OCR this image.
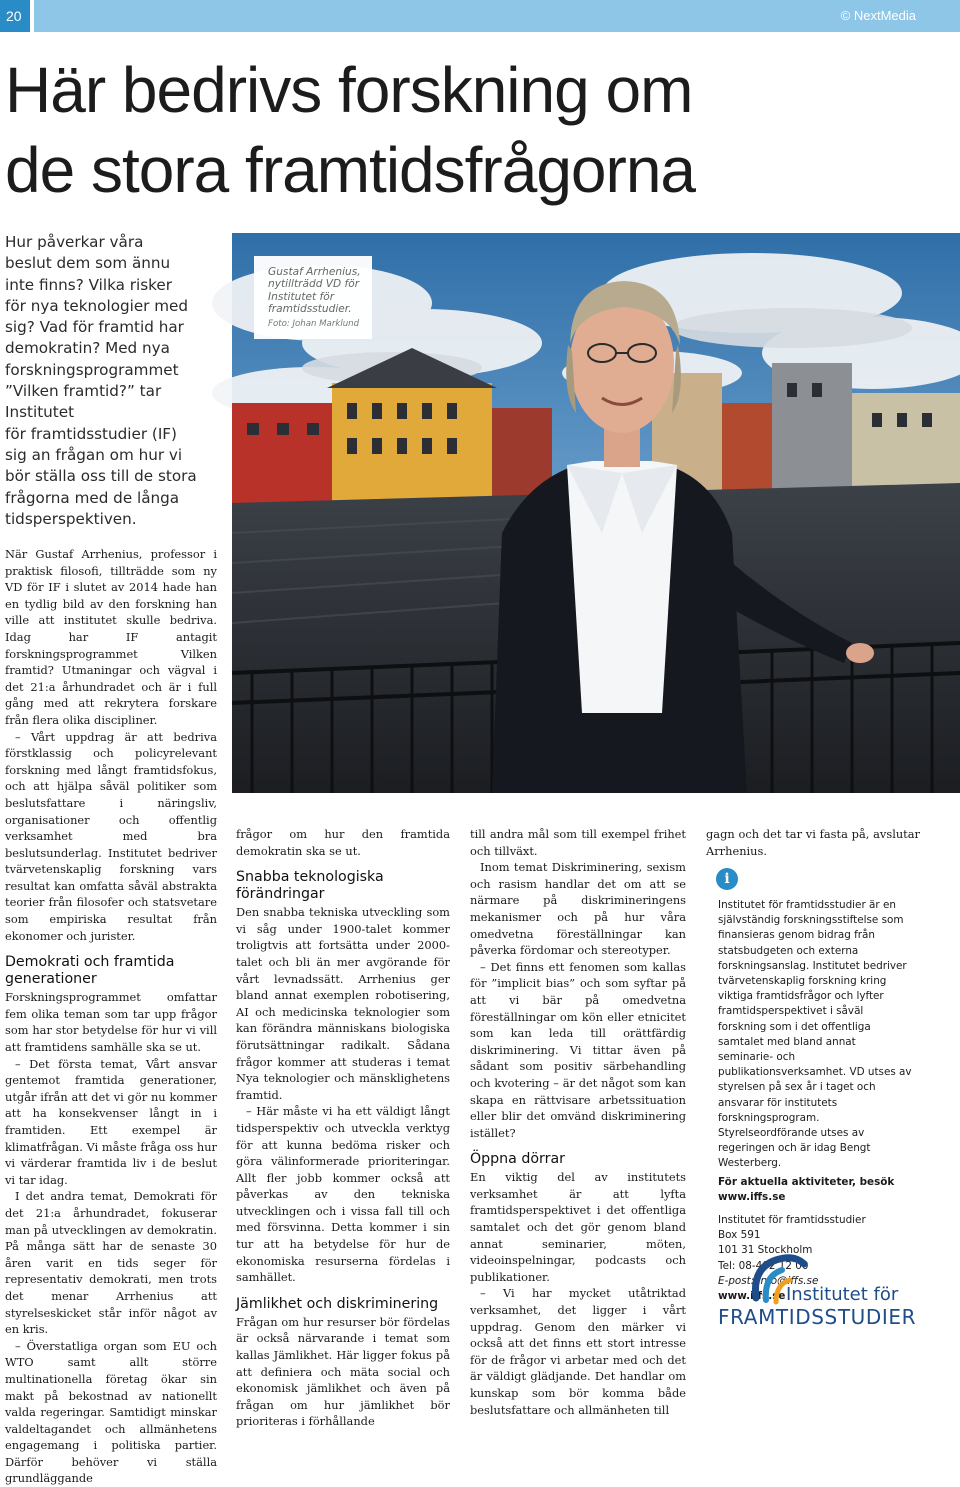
20	© NextMedia
Här bedrivs forskning om
de stora framtidsfrågorna
Hur påverkar våra
beslut dem som ännu
inte finns? Vilka risker
för nya teknologier med
sig? Vad för framtid har
demokratin? Med nya
forskningsprogrammet
”Vilken framtid?” tar Institutet
för framtidsstudier (IF)
sig an frågan om hur vi
bör ställa oss till de stora
frågorna med de långa
tidsperspektiven.
Gustaf Arrhenius, nytillträdd VD för Institutet för framtidsstudier.
Foto: Johan Marklund

När Gustaf Arrhenius, professor i praktisk filosofi, tillträdde som ny VD för IF i slutet av 2014 hade han en tydlig bild av den forskning han ville att institutet skulle bedriva. Idag har IF antagit forskningsprogrammet Vilken framtid? Utmaningar och vägval i det 21:a århundradet och är i full gång med att rekrytera forskare från flera olika discipliner.

– Vårt uppdrag är att bedriva förstklassig och policyrelevant forskning med långt framtidsfokus, och att hjälpa såväl politiker som beslutsfattare i näringsliv, organisationer och offentlig verksamhet med bra beslutsunderlag. Institutet bedriver tvärvetenskaplig forskning vars resultat kan omfatta såväl abstrakta teorier från filosofer och statsvetare som empiriska resultat från ekonomer och jurister.

Demokrati och framtida generationer

Forskningsprogrammet omfattar fem olika teman som tar upp frågor som har stor betydelse för hur vi vill att framtidens samhälle ska se ut.

– Det första temat, Vårt ansvar gentemot framtida generationer, utgår ifrån att det vi gör nu kommer att ha konsekvenser långt in i framtiden. Ett exempel är klimatfrågan. Vi måste fråga oss hur vi värderar framtida liv i de beslut vi tar idag.

I det andra temat, Demokrati för det 21:a århundradet, fokuserar man på utvecklingen av demokratin. På många sätt har de senaste 30 åren varit en tids seger för representativ demokrati, men trots det menar Arrhenius att styrelseskicket står inför något av en kris.

– Överstatliga organ som EU och WTO samt allt större multinationella företag ökar sin makt på bekostnad av nationellt valda regeringar. Samtidigt minskar valdeltagandet och allmänhetens engagemang i politiska partier. Därför behöver vi ställa grundläggande

frågor om hur den framtida demokratin ska se ut.

Snabba teknologiska förändringar

Den snabba tekniska utveckling som vi såg under 1900-talet kommer troligtvis att fortsätta under 2000-talet och bli än mer avgörande för vårt levnadssätt. Arrhenius ger bland annat exemplen robotisering, AI och medicinska teknologier som kan förändra människans biologiska förutsättningar radikalt. Sådana frågor kommer att studeras i temat Nya teknologier och mänsklighetens framtid.

– Här måste vi ha ett väldigt långt tidsperspektiv och utveckla verktyg för att kunna bedöma risker och göra välinformerade prioriteringar. Allt fler jobb kommer också att påverkas av den tekniska utvecklingen och i vissa fall till och med försvinna. Detta kommer i sin tur att ha betydelse för hur de ekonomiska resurserna fördelas i samhället.

Jämlikhet och diskriminering

Frågan om hur resurser bör fördelas är också närvarande i temat som kallas Jämlikhet. Här ligger fokus på att definiera och mäta social och ekonomisk jämlikhet och även på frågan om hur jämlikhet bör prioriteras i förhållande

till andra mål som till exempel frihet och tillväxt.

Inom temat Diskriminering, sexism och rasism handlar det om att se närmare på diskrimineringens mekanismer och på hur våra omedvetna föreställningar kan påverka fördomar och stereotyper.

– Det finns ett fenomen som kallas för ”implicit bias” och som syftar på att vi bär på omedvetna föreställningar om kön eller etnicitet som kan leda till orättfärdig diskriminering. Vi tittar även på sådant som positiv särbehandling och kvotering – är det något som kan skapa en rättvisare arbetssituation eller blir det omvänd diskriminering istället?

Öppna dörrar

En viktig del av institutets verksamhet är att lyfta framtidsperspektivet i det offentliga samtalet och det gör genom bland annat seminarier, möten, videoinspelningar, podcasts och publikationer.

– Vi har mycket utåtriktad verksamhet, det ligger i vårt uppdrag. Genom den märker vi också att det finns ett stort intresse för de frågor vi arbetar med och det är väldigt glädjande. Det handlar om kunskap som bör komma både beslutsfattare och allmänheten till

gagn och det tar vi fasta på, avslutar Arrhenius.

i
Institutet för framtidsstudier är en självständig forskningsstiftelse som finansieras genom bidrag från statsbudgeten och externa forskningsanslag. Institutet bedriver tvärvetenskaplig forskning kring viktiga framtidsfrågor och lyfter framtidsperspektivet i såväl forskning som i det offentliga samtalet med bland annat seminarie- och publikationsverksamhet. VD utses av styrelsen på sex år i taget och ansvarar för institutets forskningsprogram. Styrelseordförande utses av regeringen och är idag Bengt Westerberg.
För aktuella aktiviteter, besök www.iffs.se
Institutet för framtidsstudier
Box 591
101 31 Stockholm
Tel: 08-402 12 00
E-post: info@iffs.se
www.iffs.se Institutet för
FRAMTIDSSTUDIER
